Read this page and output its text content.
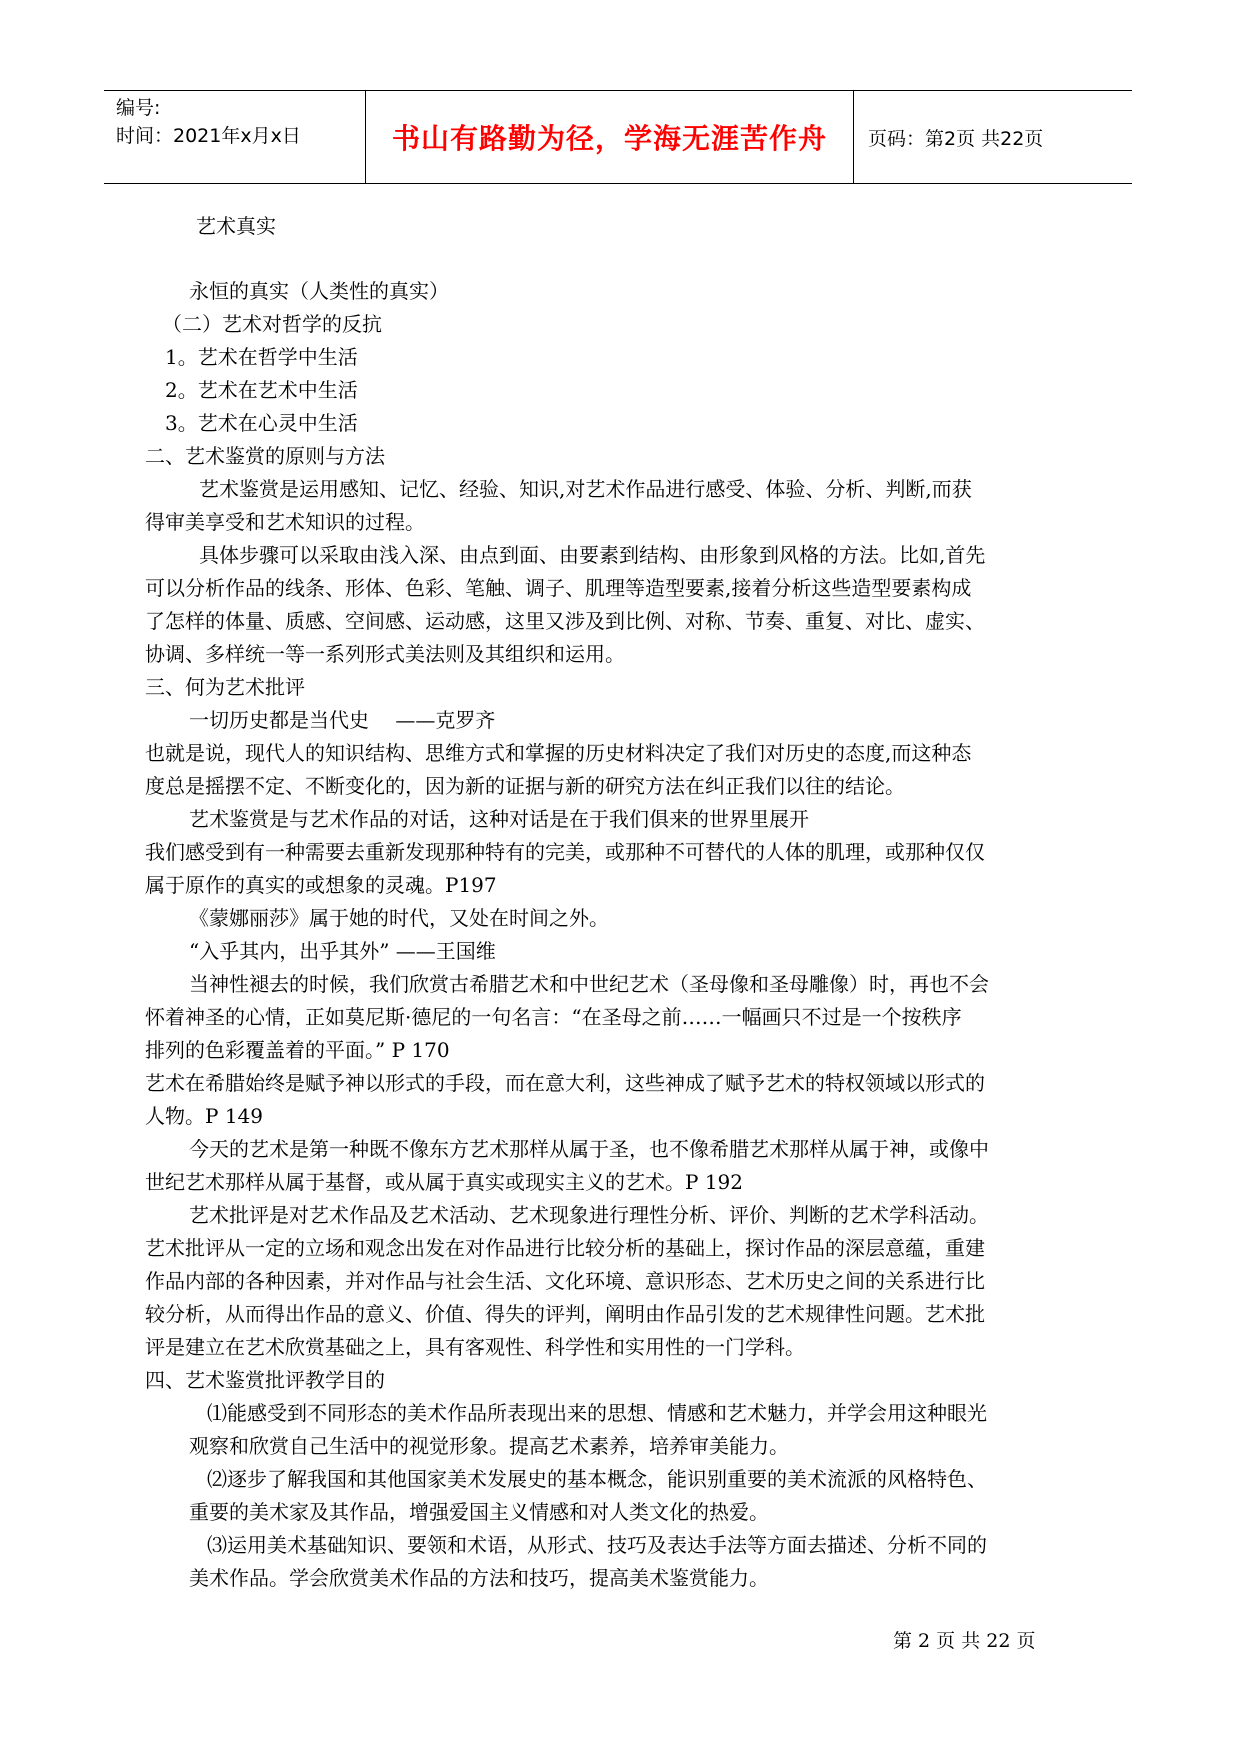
编号:
时间：2021年x月x日	书山有路勤为径，学海无涯苦作舟	页码：第2页 共22页
艺术真实
永恒的真实（人类性的真实）
（二）艺术对哲学的反抗
1。艺术在哲学中生活
2。艺术在艺术中生活
3。艺术在心灵中生活
二、艺术鉴赏的原则与方法
艺术鉴赏是运用感知、记忆、经验、知识,对艺术作品进行感受、体验、分析、判断,而获
得审美享受和艺术知识的过程。
具体步骤可以采取由浅入深、由点到面、由要素到结构、由形象到风格的方法。比如,首先
可以分析作品的线条、形体、色彩、笔触、调子、肌理等造型要素,接着分析这些造型要素构成
了怎样的体量、质感、空间感、运动感，这里又涉及到比例、对称、节奏、重复、对比、虚实、
协调、多样统一等一系列形式美法则及其组织和运用。
三、何为艺术批评
一切历史都是当代史　 ——克罗齐
也就是说，现代人的知识结构、思维方式和掌握的历史材料决定了我们对历史的态度,而这种态
度总是摇摆不定、不断变化的，因为新的证据与新的研究方法在纠正我们以往的结论。
艺术鉴赏是与艺术作品的对话，这种对话是在于我们俱来的世界里展开
我们感受到有一种需要去重新发现那种特有的完美，或那种不可替代的人体的肌理，或那种仅仅
属于原作的真实的或想象的灵魂。P197
《蒙娜丽莎》属于她的时代，又处在时间之外。
“入乎其内，出乎其外” ——王国维
当神性褪去的时候，我们欣赏古希腊艺术和中世纪艺术（圣母像和圣母雕像）时，再也不会
怀着神圣的心情，正如莫尼斯·德尼的一句名言：“在圣母之前……一幅画只不过是一个按秩序
排列的色彩覆盖着的平面。” P 170
艺术在希腊始终是赋予神以形式的手段，而在意大利，这些神成了赋予艺术的特权领域以形式的
人物。P 149
今天的艺术是第一种既不像东方艺术那样从属于圣，也不像希腊艺术那样从属于神，或像中
世纪艺术那样从属于基督，或从属于真实或现实主义的艺术。P 192
艺术批评是对艺术作品及艺术活动、艺术现象进行理性分析、评价、判断的艺术学科活动。
艺术批评从一定的立场和观念出发在对作品进行比较分析的基础上，探讨作品的深层意蕴，重建
作品内部的各种因素，并对作品与社会生活、文化环境、意识形态、艺术历史之间的关系进行比
较分析，从而得出作品的意义、价值、得失的评判，阐明由作品引发的艺术规律性问题。艺术批
评是建立在艺术欣赏基础之上，具有客观性、科学性和实用性的一门学科。
四、艺术鉴赏批评教学目的
⑴能感受到不同形态的美术作品所表现出来的思想、情感和艺术魅力，并学会用这种眼光
观察和欣赏自己生活中的视觉形象。提高艺术素养，培养审美能力。
⑵逐步了解我国和其他国家美术发展史的基本概念，能识别重要的美术流派的风格特色、
重要的美术家及其作品，增强爱国主义情感和对人类文化的热爱。
⑶运用美术基础知识、要领和术语，从形式、技巧及表达手法等方面去描述、分析不同的
美术作品。学会欣赏美术作品的方法和技巧，提高美术鉴赏能力。
第 2 页 共 22 页
